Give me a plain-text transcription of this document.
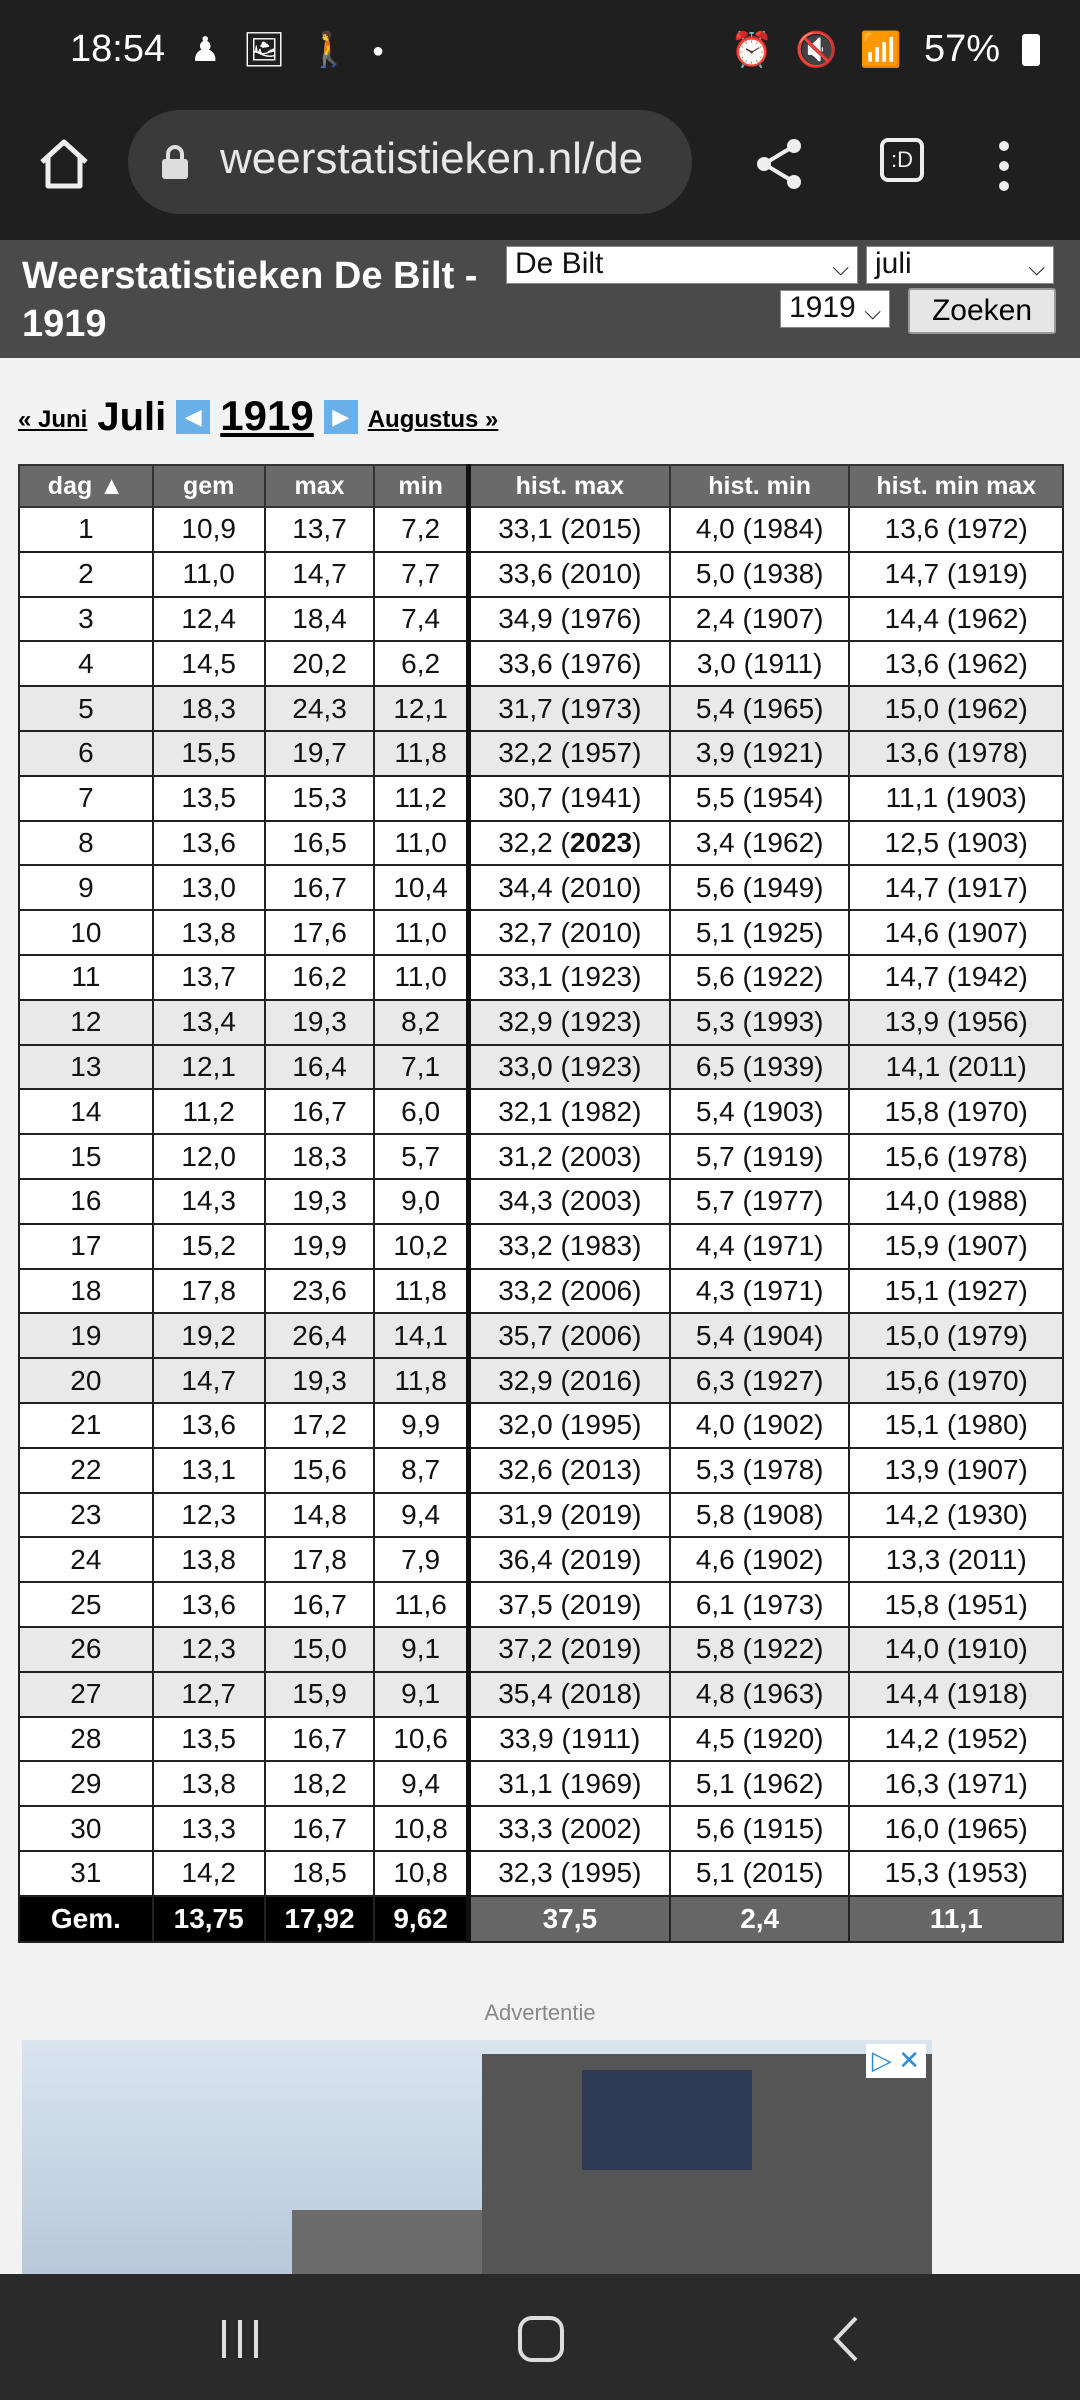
18:54 ♟ 🖼 🚶 ●	⏰ 🔇 📶 57%
weerstatistieken.nl/de	:D
Weerstatistieken De Bilt - 1919
De Bilt	⌵ juli	⌵
1919 ⌵	Zoeken
« Juni Juli ◀ 1919 ▶ Augustus »
dag ▲	gem	max	min	hist. max	hist. min	hist. min max
1	10,9	13,7	7,2	33,1 (2015)	4,0 (1984)	13,6 (1972)
2	11,0	14,7	7,7	33,6 (2010)	5,0 (1938)	14,7 (1919)
3	12,4	18,4	7,4	34,9 (1976)	2,4 (1907)	14,4 (1962)
4	14,5	20,2	6,2	33,6 (1976)	3,0 (1911)	13,6 (1962)
5	18,3	24,3	12,1	31,7 (1973)	5,4 (1965)	15,0 (1962)
6	15,5	19,7	11,8	32,2 (1957)	3,9 (1921)	13,6 (1978)
7	13,5	15,3	11,2	30,7 (1941)	5,5 (1954)	11,1 (1903)
8	13,6	16,5	11,0	32,2 (2023)	3,4 (1962)	12,5 (1903)
9	13,0	16,7	10,4	34,4 (2010)	5,6 (1949)	14,7 (1917)
10	13,8	17,6	11,0	32,7 (2010)	5,1 (1925)	14,6 (1907)
11	13,7	16,2	11,0	33,1 (1923)	5,6 (1922)	14,7 (1942)
12	13,4	19,3	8,2	32,9 (1923)	5,3 (1993)	13,9 (1956)
13	12,1	16,4	7,1	33,0 (1923)	6,5 (1939)	14,1 (2011)
14	11,2	16,7	6,0	32,1 (1982)	5,4 (1903)	15,8 (1970)
15	12,0	18,3	5,7	31,2 (2003)	5,7 (1919)	15,6 (1978)
16	14,3	19,3	9,0	34,3 (2003)	5,7 (1977)	14,0 (1988)
17	15,2	19,9	10,2	33,2 (1983)	4,4 (1971)	15,9 (1907)
18	17,8	23,6	11,8	33,2 (2006)	4,3 (1971)	15,1 (1927)
19	19,2	26,4	14,1	35,7 (2006)	5,4 (1904)	15,0 (1979)
20	14,7	19,3	11,8	32,9 (2016)	6,3 (1927)	15,6 (1970)
21	13,6	17,2	9,9	32,0 (1995)	4,0 (1902)	15,1 (1980)
22	13,1	15,6	8,7	32,6 (2013)	5,3 (1978)	13,9 (1907)
23	12,3	14,8	9,4	31,9 (2019)	5,8 (1908)	14,2 (1930)
24	13,8	17,8	7,9	36,4 (2019)	4,6 (1902)	13,3 (2011)
25	13,6	16,7	11,6	37,5 (2019)	6,1 (1973)	15,8 (1951)
26	12,3	15,0	9,1	37,2 (2019)	5,8 (1922)	14,0 (1910)
27	12,7	15,9	9,1	35,4 (2018)	4,8 (1963)	14,4 (1918)
28	13,5	16,7	10,6	33,9 (1911)	4,5 (1920)	14,2 (1952)
29	13,8	18,2	9,4	31,1 (1969)	5,1 (1962)	16,3 (1971)
30	13,3	16,7	10,8	33,3 (2002)	5,6 (1915)	16,0 (1965)
31	14,2	18,5	10,8	32,3 (1995)	5,1 (2015)	15,3 (1953)
Gem.	13,75	17,92	9,62	37,5	2,4	11,1
Advertentie
▷ ✕
